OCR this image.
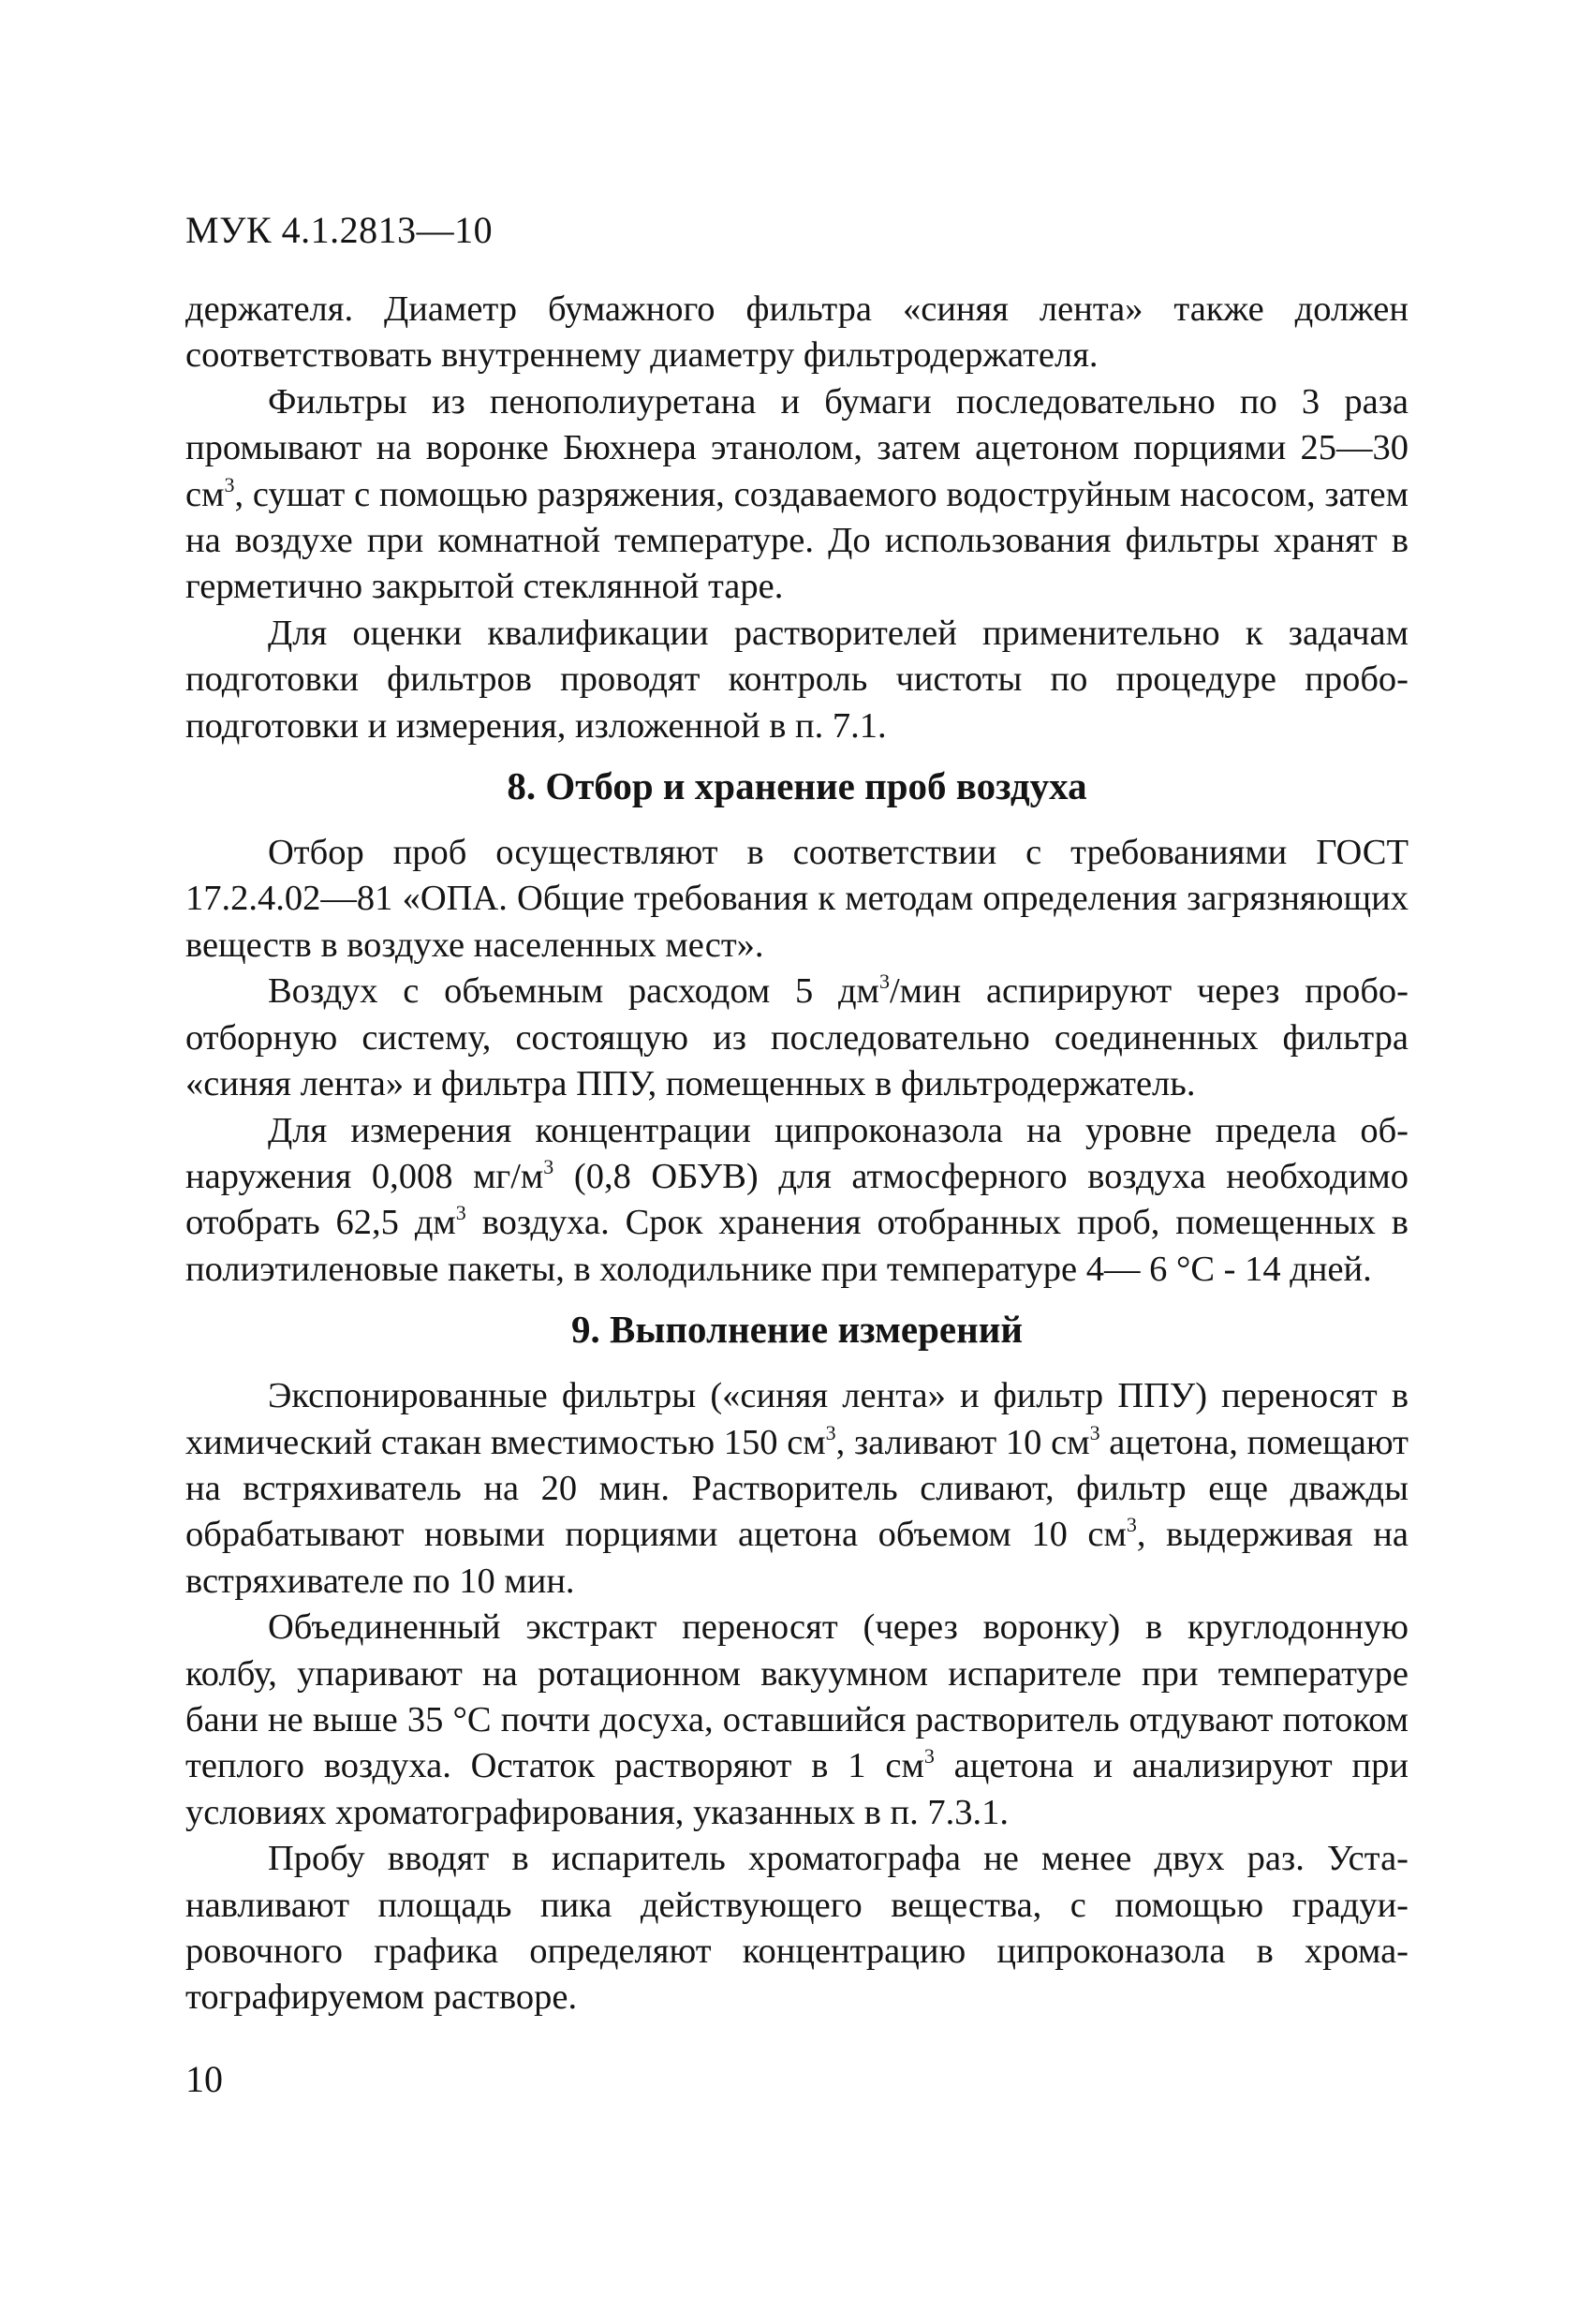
МУК 4.1.2813—10

держателя. Диаметр бумажного фильтра «синяя лента» также должен соответствовать внутреннему диаметру фильтродержателя.

Фильтры из пенополиуретана и бумаги последовательно по 3 раза промывают на воронке Бюхнера этанолом, затем ацетоном порциями 25—30 $см^3$, сушат с помощью разряжения, создаваемого водоструйным насосом, затем на воздухе при комнатной температуре. До использования фильтры хранят в герметично закрытой стеклянной таре.

Для оценки квалификации растворителей применительно к задачам подготовки фильтров проводят контроль чистоты по процедуре пробоподготовки и измерения, изложенной в п. 7.1.

8. Отбор и хранение проб воздуха

Отбор проб осуществляют в соответствии с требованиями ГОСТ 17.2.4.02—81 «ОПА. Общие требования к методам определения загрязняющих веществ в воздухе населенных мест».

Воздух с объемным расходом 5 $дм^3$/мин аспирируют через пробоотборную систему, состоящую из последовательно соединенных фильтра «синяя лента» и фильтра ППУ, помещенных в фильтродержатель.

Для измерения концентрации ципроконазола на уровне предела обнаружения 0,008 $мг/м^3$ (0,8 ОБУВ) для атмосферного воздуха необходимо отобрать 62,5 $дм^3$ воздуха. Срок хранения отобранных проб, помещенных в полиэтиленовые пакеты, в холодильнике при температуре 4— 6 °С - 14 дней.

9. Выполнение измерений

Экспонированные фильтры («синяя лента» и фильтр ППУ) переносят в химический стакан вместимостью 150 $см^3$, заливают 10 $см^3$ ацетона, помещают на встряхиватель на 20 мин. Растворитель сливают, фильтр еще дважды обрабатывают новыми порциями ацетона объемом 10 $см^3$, выдерживая на встряхивателе по 10 мин.

Объединенный экстракт переносят (через воронку) в круглодонную колбу, упаривают на ротационном вакуумном испарителе при температуре бани не выше 35 °С почти досуха, оставшийся растворитель отдувают потоком теплого воздуха. Остаток растворяют в 1 $см^3$ ацетона и анализируют при условиях хроматографирования, указанных в п. 7.3.1.

Пробу вводят в испаритель хроматографа не менее двух раз. Устанавливают площадь пика действующего вещества, с помощью градуировочного графика определяют концентрацию ципроконазола в хроматографируемом растворе.

10
